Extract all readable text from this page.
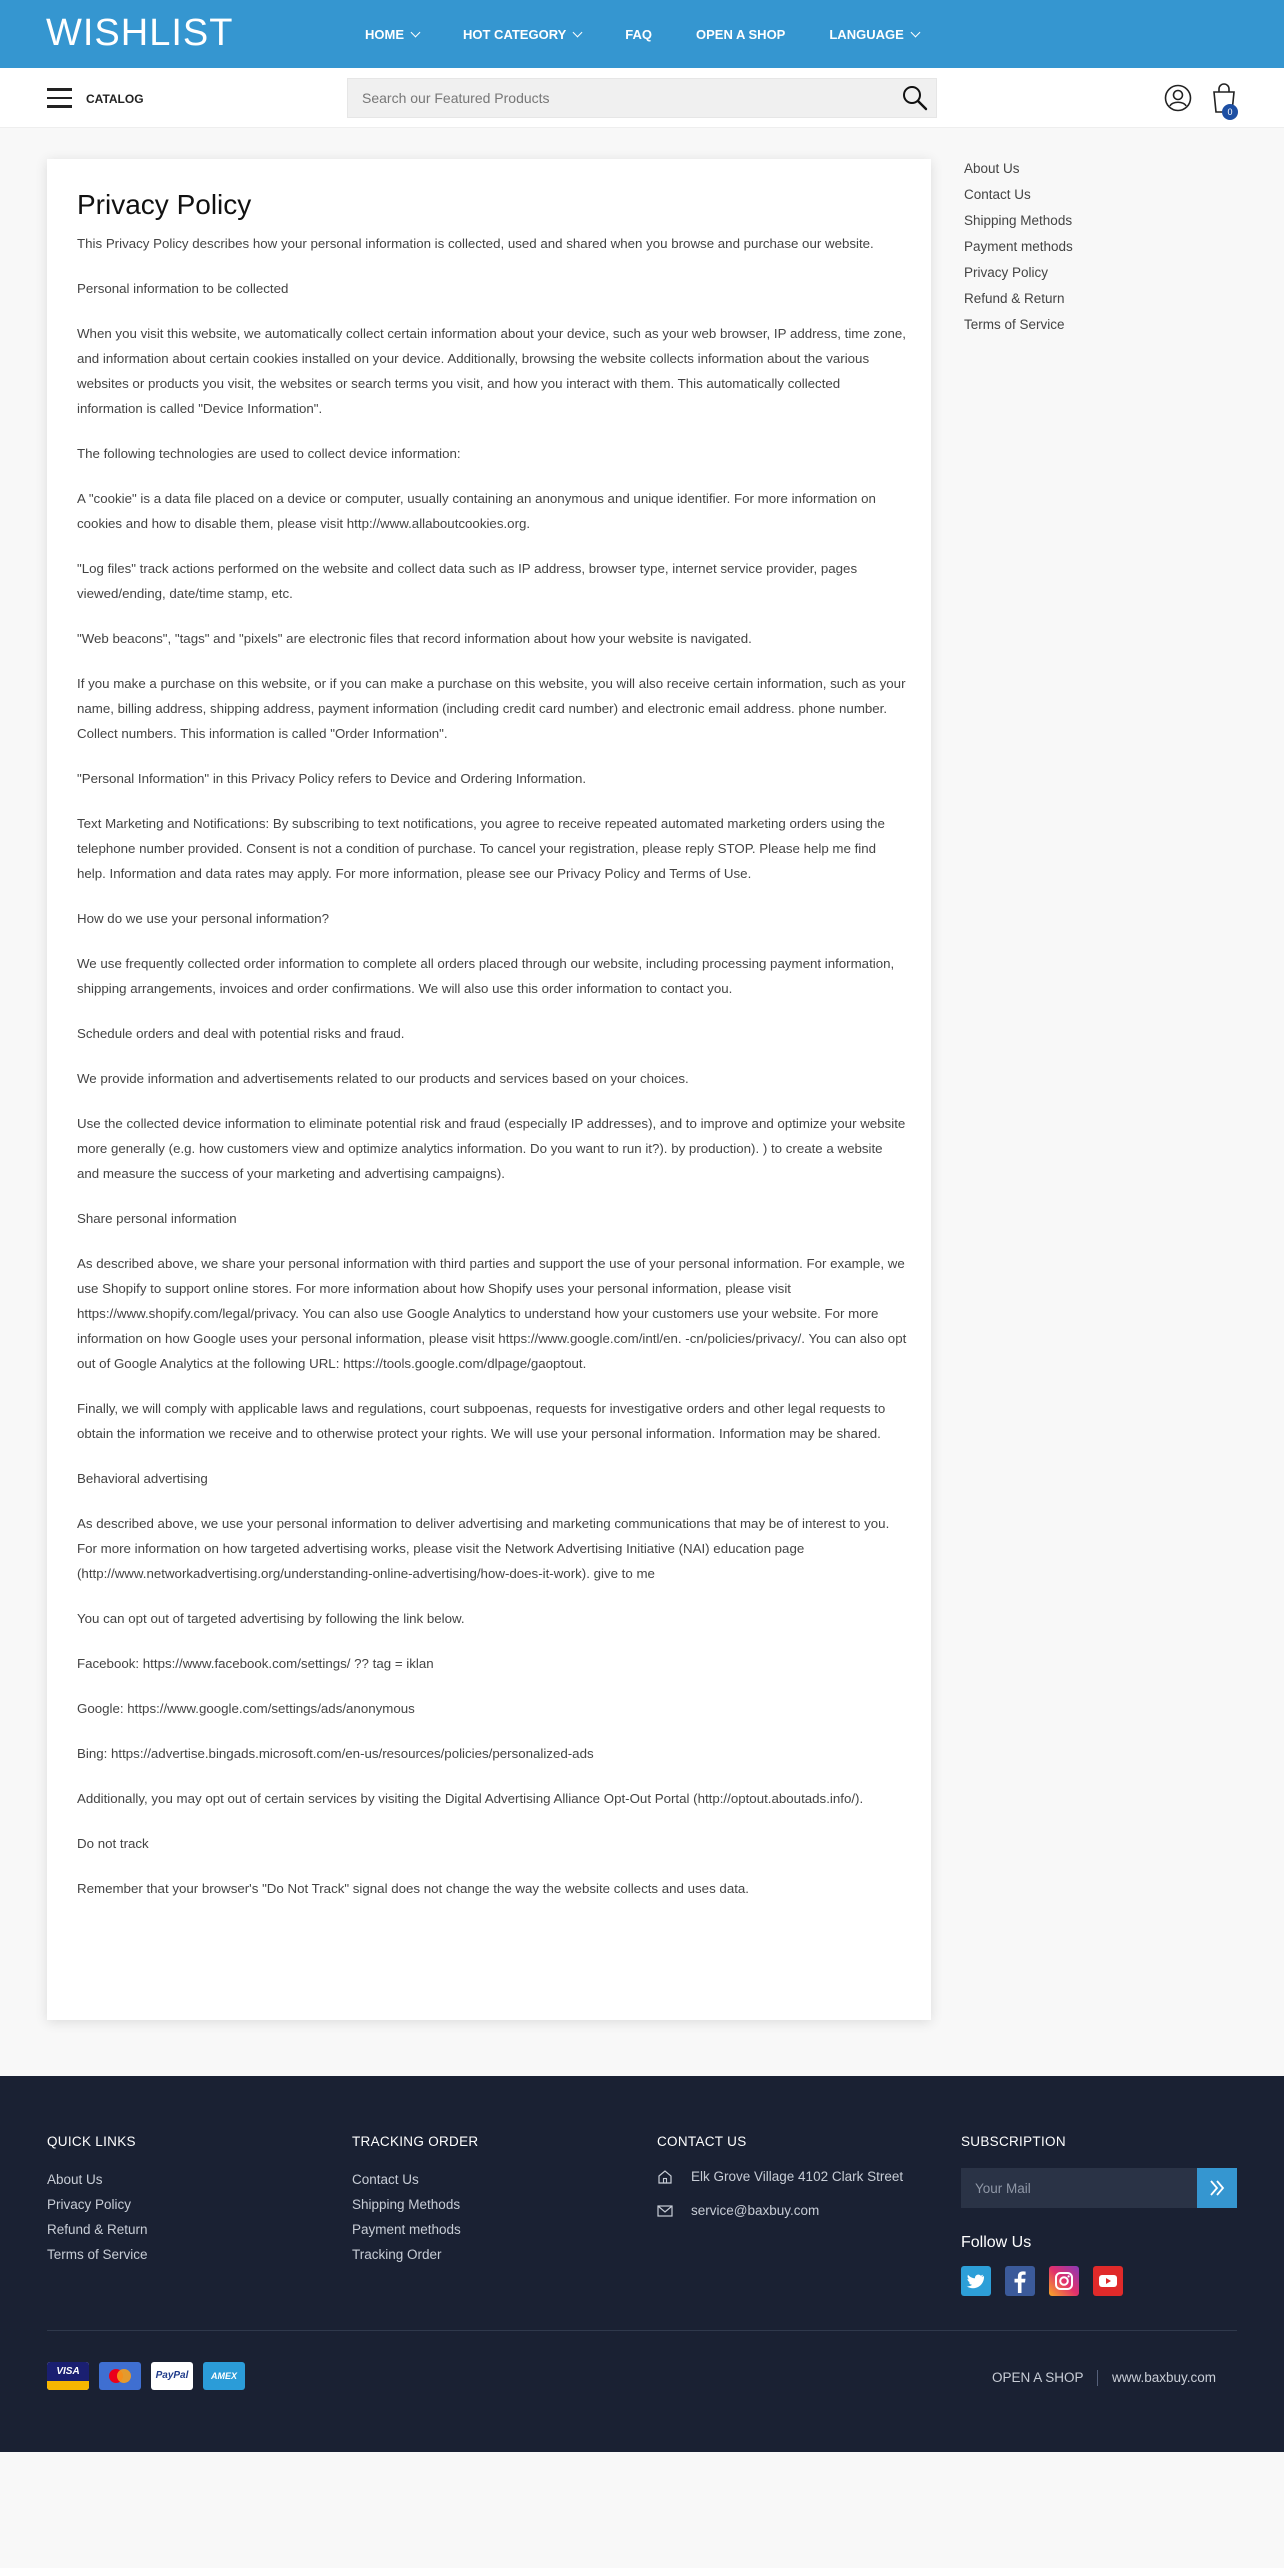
WISHLIST	HOME	HOT CATEGORY	FAQ	OPEN A SHOP	LANGUAGE
CATALOG
Search our Featured Products
0
Privacy Policy

This Privacy Policy describes how your personal information is collected, used and shared when you browse and purchase our website.

Personal information to be collected

When you visit this website, we automatically collect certain information about your device, such as your web browser, IP address, time zone, and information about certain cookies installed on your device. Additionally, browsing the website collects information about the various websites or products you visit, the websites or search terms you visit, and how you interact with them. This automatically collected information is called "Device Information".

The following technologies are used to collect device information:

A "cookie" is a data file placed on a device or computer, usually containing an anonymous and unique identifier. For more information on cookies and how to disable them, please visit http://www.allaboutcookies.org.

"Log files" track actions performed on the website and collect data such as IP address, browser type, internet service provider, pages viewed/ending, date/time stamp, etc.

"Web beacons", "tags" and "pixels" are electronic files that record information about how your website is navigated.

If you make a purchase on this website, or if you can make a purchase on this website, you will also receive certain information, such as your name, billing address, shipping address, payment information (including credit card number) and electronic email address. phone number. Collect numbers. This information is called "Order Information".

"Personal Information" in this Privacy Policy refers to Device and Ordering Information.

Text Marketing and Notifications: By subscribing to text notifications, you agree to receive repeated automated marketing orders using the telephone number provided. Consent is not a condition of purchase. To cancel your registration, please reply STOP. Please help me find help. Information and data rates may apply. For more information, please see our Privacy Policy and Terms of Use.

How do we use your personal information?

We use frequently collected order information to complete all orders placed through our website, including processing payment information, shipping arrangements, invoices and order confirmations. We will also use this order information to contact you.

Schedule orders and deal with potential risks and fraud.

We provide information and advertisements related to our products and services based on your choices.

Use the collected device information to eliminate potential risk and fraud (especially IP addresses), and to improve and optimize your website more generally (e.g. how customers view and optimize analytics information. Do you want to run it?). by production). ) to create a website and measure the success of your marketing and advertising campaigns).

Share personal information

As described above, we share your personal information with third parties and support the use of your personal information. For example, we use Shopify to support online stores. For more information about how Shopify uses your personal information, please visit https://www.shopify.com/legal/privacy. You can also use Google Analytics to understand how your customers use your website. For more information on how Google uses your personal information, please visit https://www.google.com/intl/en. -cn/policies/privacy/. You can also opt out of Google Analytics at the following URL: https://tools.google.com/dlpage/gaoptout.

Finally, we will comply with applicable laws and regulations, court subpoenas, requests for investigative orders and other legal requests to obtain the information we receive and to otherwise protect your rights. We will use your personal information. Information may be shared.

Behavioral advertising

As described above, we use your personal information to deliver advertising and marketing communications that may be of interest to you. For more information on how targeted advertising works, please visit the Network Advertising Initiative (NAI) education page (http://www.networkadvertising.org/understanding-online-advertising/how-does-it-work). give to me

You can opt out of targeted advertising by following the link below.

Facebook: https://www.facebook.com/settings/ ?? tag = iklan

Google: https://www.google.com/settings/ads/anonymous

Bing: https://advertise.bingads.microsoft.com/en-us/resources/policies/personalized-ads

Additionally, you may opt out of certain services by visiting the Digital Advertising Alliance Opt-Out Portal (http://optout.aboutads.info/).

Do not track

Remember that your browser's "Do Not Track" signal does not change the way the website collects and uses data.

About Us
Contact Us
Shipping Methods
Payment methods
Privacy Policy
Refund & Return
Terms of Service
QUICK LINKS
About Us
Privacy Policy
Refund & Return
Terms of Service
TRACKING ORDER
Contact Us
Shipping Methods
Payment methods
Tracking Order
CONTACT US
Elk Grove Village 4102 Clark Street
service@baxbuy.com
SUBSCRIPTION
Your Mail
Follow Us
VISA	PayPal	AMEX	OPEN A SHOP www.baxbuy.com
